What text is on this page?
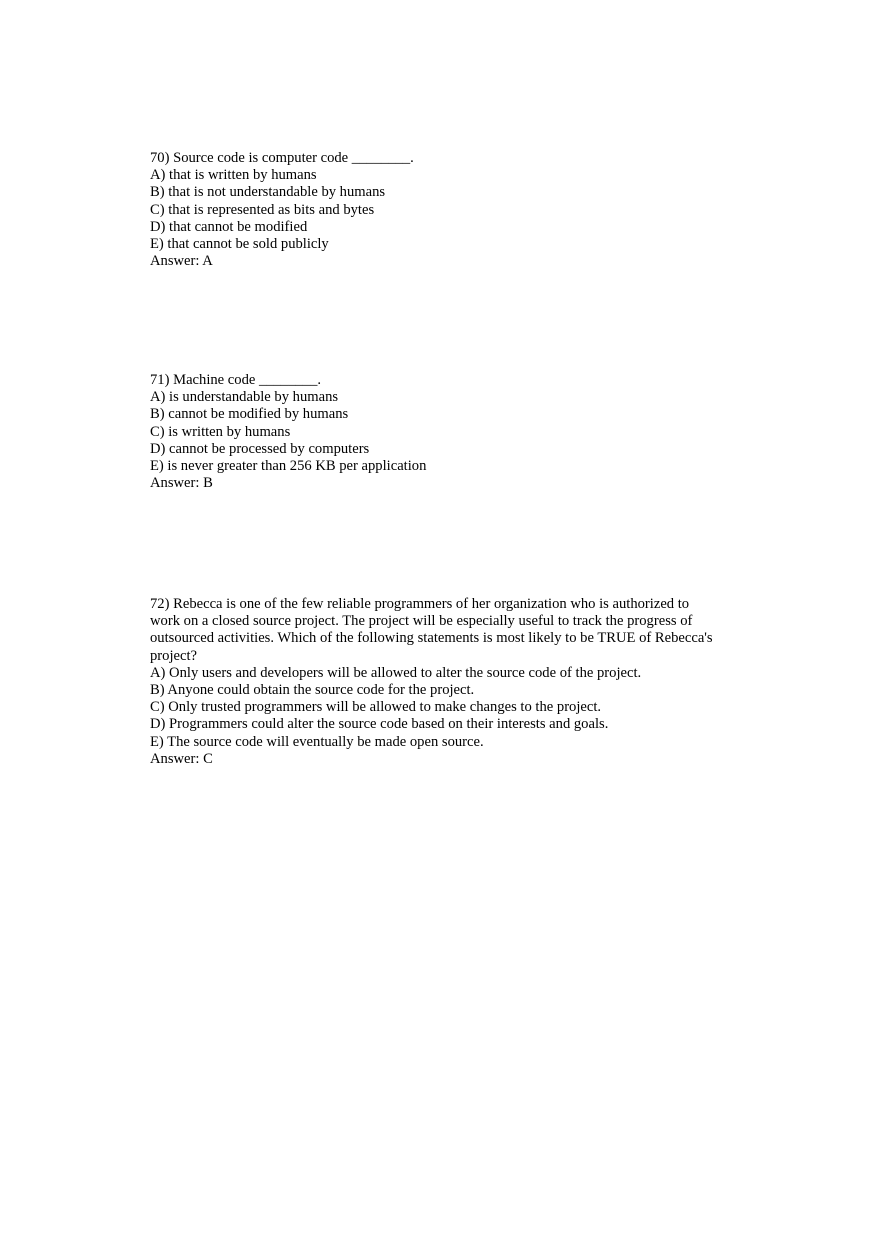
70) Source code is computer code ________.
A) that is written by humans
B) that is not understandable by humans
C) that is represented as bits and bytes
D) that cannot be modified
E) that cannot be sold publicly
Answer: A
71) Machine code ________.
A) is understandable by humans
B) cannot be modified by humans
C) is written by humans
D) cannot be processed by computers
E) is never greater than 256 KB per application
Answer: B
72) Rebecca is one of the few reliable programmers of her organization who is authorized to
work on a closed source project. The project will be especially useful to track the progress of
outsourced activities. Which of the following statements is most likely to be TRUE of Rebecca's
project?
A) Only users and developers will be allowed to alter the source code of the project.
B) Anyone could obtain the source code for the project.
C) Only trusted programmers will be allowed to make changes to the project.
D) Programmers could alter the source code based on their interests and goals.
E) The source code will eventually be made open source.
Answer: C
